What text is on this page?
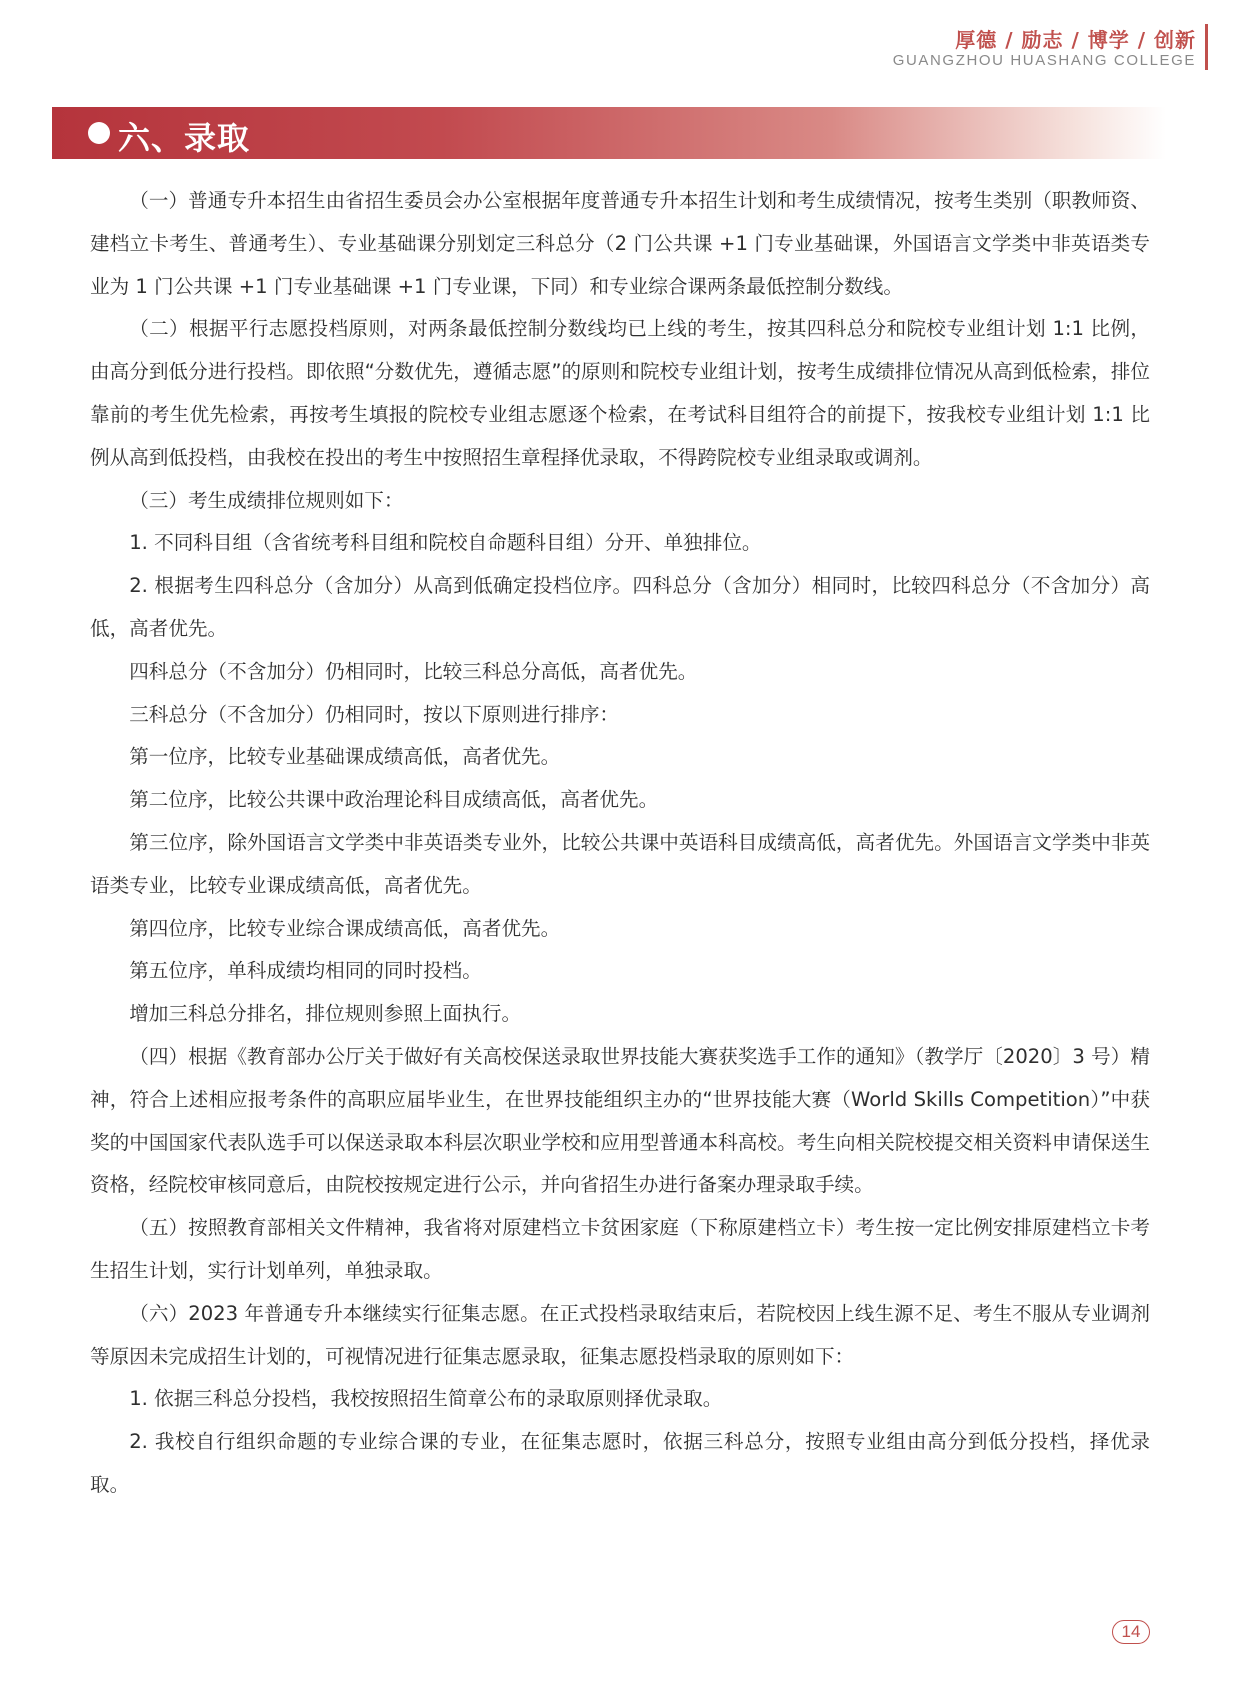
厚德 / 励志 / 博学 / 创新
GUANGZHOU HUASHANG COLLEGE
六、录取

（一）普通专升本招生由省招生委员会办公室根据年度普通专升本招生计划和考生成绩情况，按考生类别（职教师资、建档立卡考生、普通考生）、专业基础课分别划定三科总分（2 门公共课 +1 门专业基础课，外国语言文学类中非英语类专业为 1 门公共课 +1 门专业基础课 +1 门专业课，下同）和专业综合课两条最低控制分数线。

（二）根据平行志愿投档原则，对两条最低控制分数线均已上线的考生，按其四科总分和院校专业组计划 1:1 比例，由高分到低分进行投档。即依照“分数优先，遵循志愿”的原则和院校专业组计划，按考生成绩排位情况从高到低检索，排位靠前的考生优先检索，再按考生填报的院校专业组志愿逐个检索，在考试科目组符合的前提下，按我校专业组计划 1:1 比例从高到低投档，由我校在投出的考生中按照招生章程择优录取，不得跨院校专业组录取或调剂。

（三）考生成绩排位规则如下：

1. 不同科目组（含省统考科目组和院校自命题科目组）分开、单独排位。

2. 根据考生四科总分（含加分）从高到低确定投档位序。四科总分（含加分）相同时，比较四科总分（不含加分）高低，高者优先。

四科总分（不含加分）仍相同时，比较三科总分高低，高者优先。

三科总分（不含加分）仍相同时，按以下原则进行排序：

第一位序，比较专业基础课成绩高低，高者优先。

第二位序，比较公共课中政治理论科目成绩高低，高者优先。

第三位序，除外国语言文学类中非英语类专业外，比较公共课中英语科目成绩高低，高者优先。外国语言文学类中非英语类专业，比较专业课成绩高低，高者优先。

第四位序，比较专业综合课成绩高低，高者优先。

第五位序，单科成绩均相同的同时投档。

增加三科总分排名，排位规则参照上面执行。

（四）根据《教育部办公厅关于做好有关高校保送录取世界技能大赛获奖选手工作的通知》（教学厅〔2020〕3 号）精神，符合上述相应报考条件的高职应届毕业生，在世界技能组织主办的“世界技能大赛（World Skills Competition）”中获奖的中国国家代表队选手可以保送录取本科层次职业学校和应用型普通本科高校。考生向相关院校提交相关资料申请保送生资格，经院校审核同意后，由院校按规定进行公示，并向省招生办进行备案办理录取手续。

（五）按照教育部相关文件精神，我省将对原建档立卡贫困家庭（下称原建档立卡）考生按一定比例安排原建档立卡考生招生计划，实行计划单列，单独录取。

（六）2023 年普通专升本继续实行征集志愿。在正式投档录取结束后，若院校因上线生源不足、考生不服从专业调剂等原因未完成招生计划的，可视情况进行征集志愿录取，征集志愿投档录取的原则如下：

1. 依据三科总分投档，我校按照招生简章公布的录取原则择优录取。

2. 我校自行组织命题的专业综合课的专业，在征集志愿时，依据三科总分，按照专业组由高分到低分投档，择优录取。

14
